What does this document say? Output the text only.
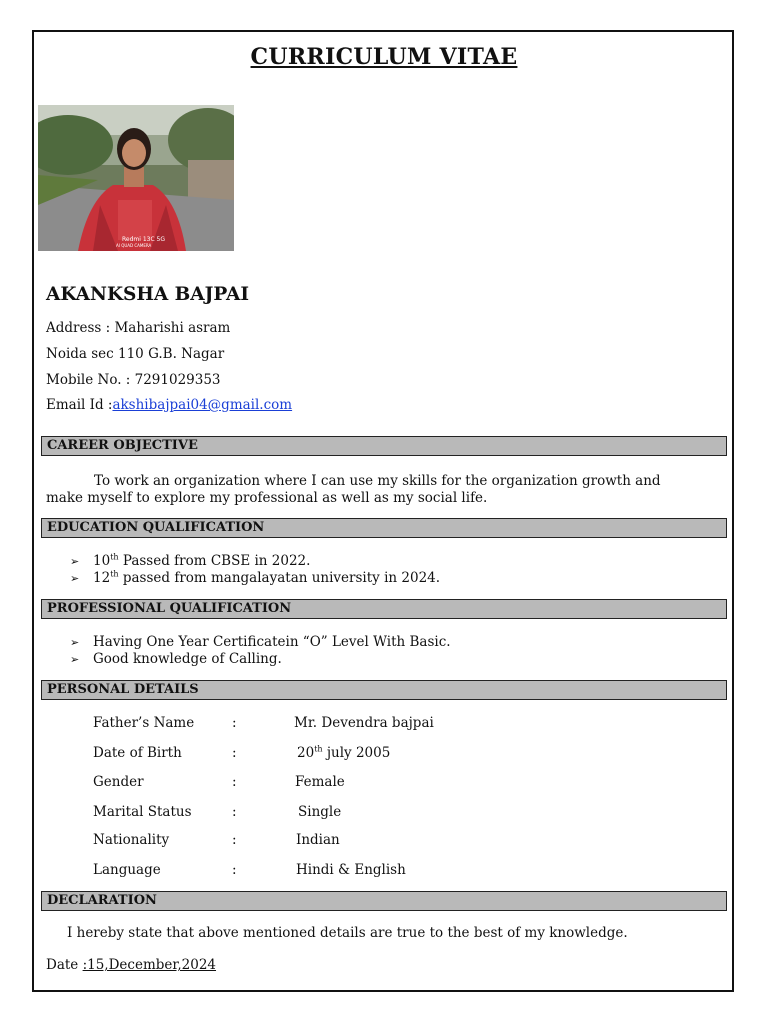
CURRICULUM VITAE
Redmi 13C 5G
AI QUAD CAMERA
AKANKSHA BAJPAI
Address : Maharishi asram
Noida sec 110 G.B. Nagar
Mobile No. : 7291029353
Email Id :akshibajpai04@gmail.com
CAREER OBJECTIVE
To work an organization where I can use my skills for the organization growth and make myself to explore my professional as well as my social life.
EDUCATION QUALIFICATION
➢ 10th Passed from CBSE in 2022.
➢ 12th passed from mangalayatan university in 2024.
PROFESSIONAL QUALIFICATION
➢ Having One Year Certificatein “O” Level With Basic.
➢ Good knowledge of Calling.
PERSONAL DETAILS
Father’s Name	:	Mr. Devendra bajpai
Date of Birth	:	20th july 2005
Gender	:	Female
Marital Status	:	Single
Nationality	:	Indian
Language	:	Hindi & English
DECLARATION
I hereby state that above mentioned details are true to the best of my knowledge.
Date :15,December,2024
